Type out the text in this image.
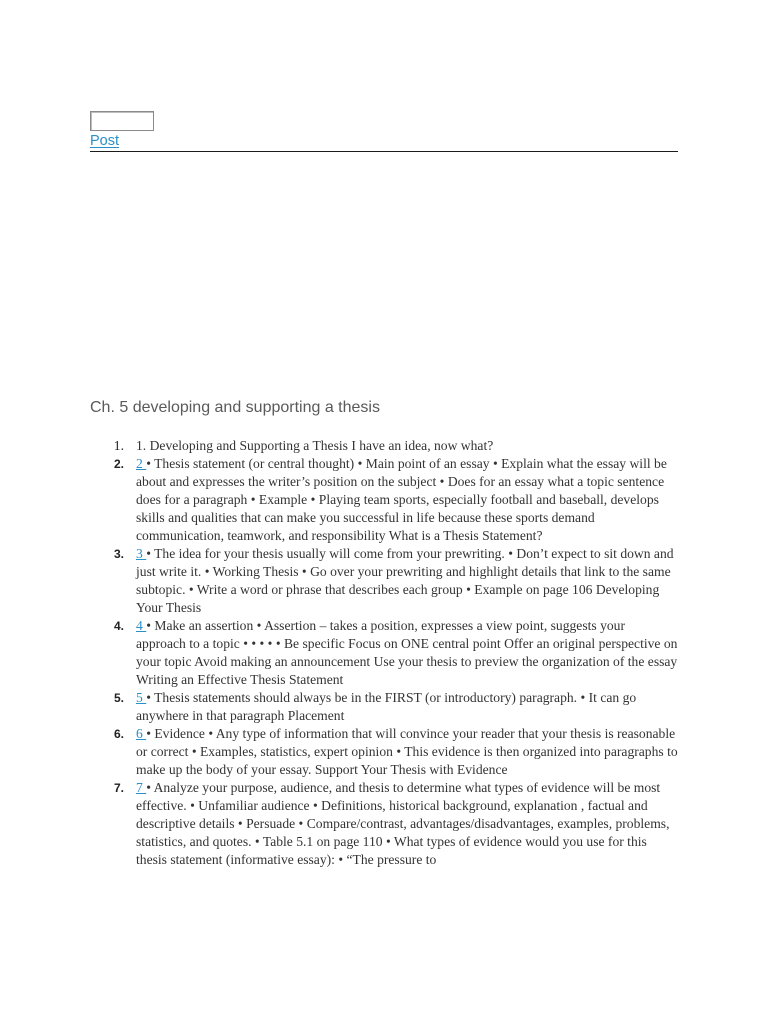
Post
Ch. 5 developing and supporting a thesis
1. 1. Developing and Supporting a Thesis I have an idea, now what?
2. 2 • Thesis statement (or central thought) • Main point of an essay • Explain what the essay will be about and expresses the writer’s position on the subject • Does for an essay what a topic sentence does for a paragraph • Example • Playing team sports, especially football and baseball, develops skills and qualities that can make you successful in life because these sports demand communication, teamwork, and responsibility What is a Thesis Statement?
3. 3 • The idea for your thesis usually will come from your prewriting. • Don’t expect to sit down and just write it. • Working Thesis • Go over your prewriting and highlight details that link to the same subtopic. • Write a word or phrase that describes each group • Example on page 106 Developing Your Thesis
4. 4 • Make an assertion • Assertion – takes a position, expresses a view point, suggests your approach to a topic • • • • • Be specific Focus on ONE central point Offer an original perspective on your topic Avoid making an announcement Use your thesis to preview the organization of the essay Writing an Effective Thesis Statement
5. 5 • Thesis statements should always be in the FIRST (or introductory) paragraph. • It can go anywhere in that paragraph Placement
6. 6 • Evidence • Any type of information that will convince your reader that your thesis is reasonable or correct • Examples, statistics, expert opinion • This evidence is then organized into paragraphs to make up the body of your essay. Support Your Thesis with Evidence
7. 7 • Analyze your purpose, audience, and thesis to determine what types of evidence will be most effective. • Unfamiliar audience • Definitions, historical background, explanation , factual and descriptive details • Persuade • Compare/contrast, advantages/disadvantages, examples, problems, statistics, and quotes. • Table 5.1 on page 110 • What types of evidence would you use for this thesis statement (informative essay): • “The pressure to
